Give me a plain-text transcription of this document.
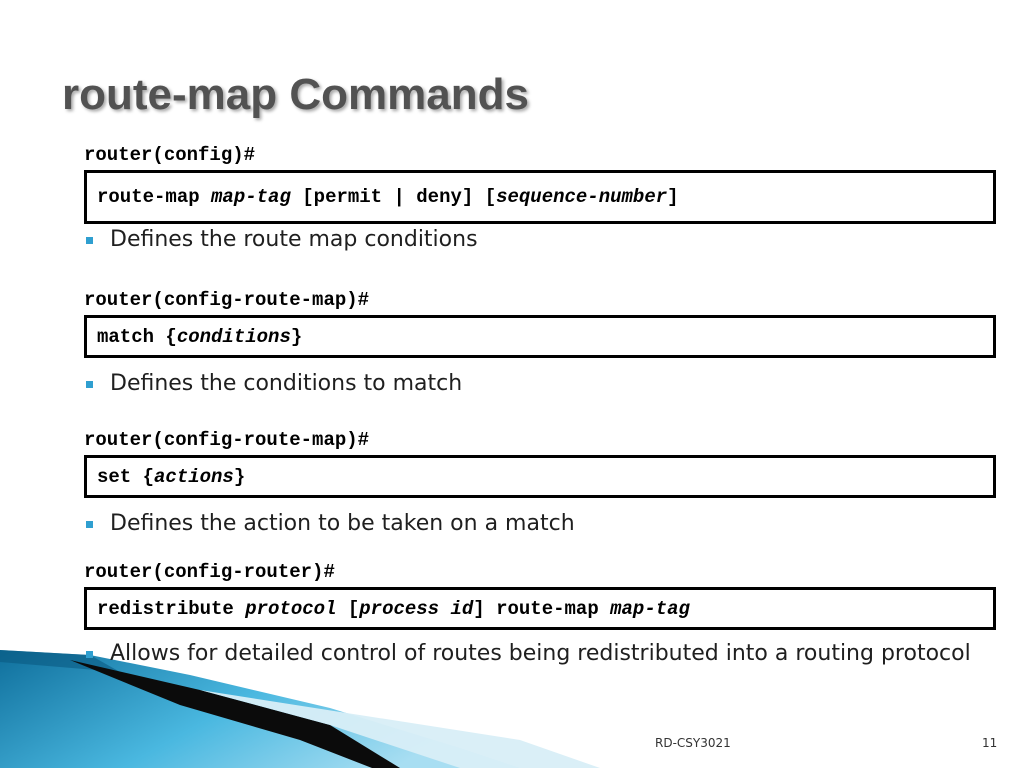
route-map Commands
router(config)#
route-map map-tag [permit | deny] [sequence-number]
Defines the route map conditions
router(config-route-map)#
match {conditions}
Defines the conditions to match
router(config-route-map)#
set {actions}
Defines the action to be taken on a match
router(config-router)#
redistribute protocol [process id] route-map map-tag
Allows for detailed control of routes being redistributed into a routing protocol
RD-CSY3021	11
